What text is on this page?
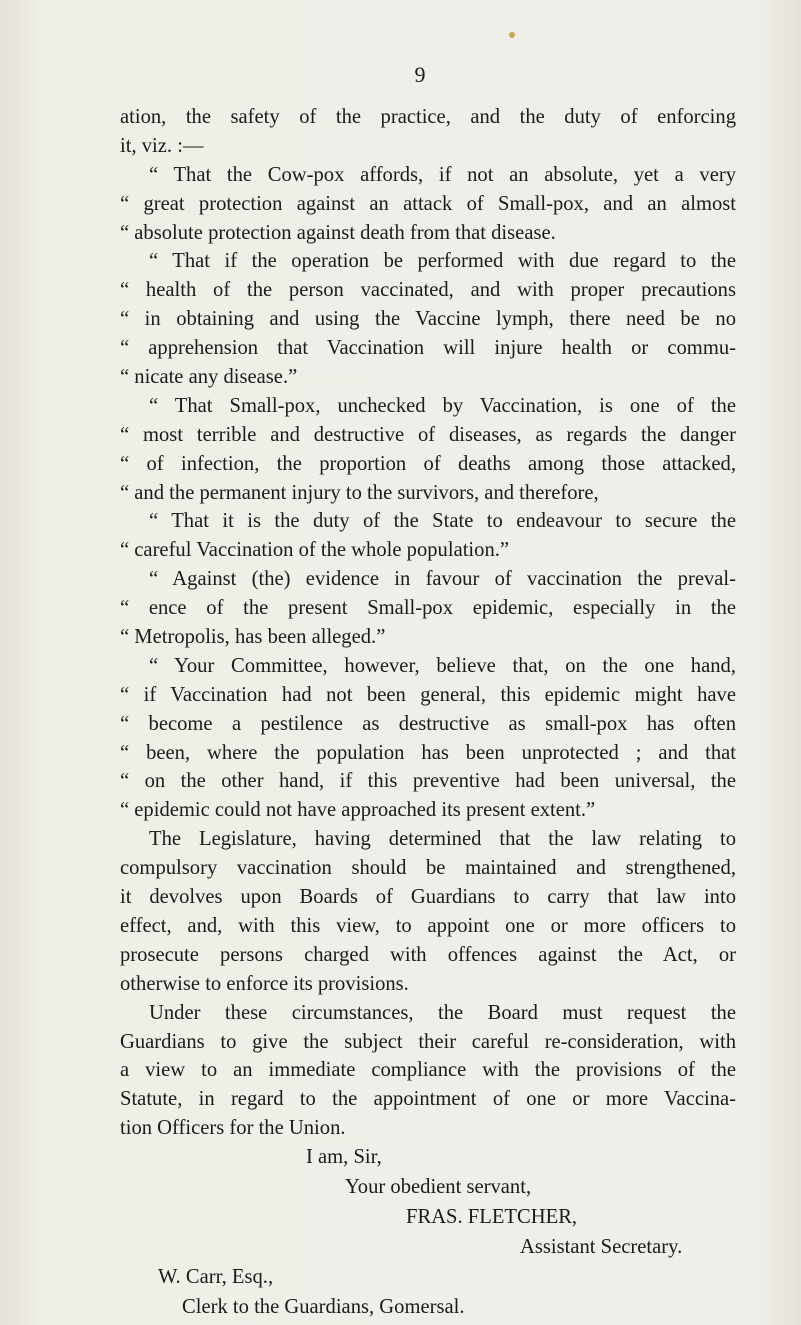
9
ation, the safety of the practice, and the duty of enforcing
it, viz. :—
“ That the Cow-pox affords, if not an absolute, yet a very
“ great protection against an attack of Small-pox, and an almost
“ absolute protection against death from that disease.
“ That if the operation be performed with due regard to the
“ health of the person vaccinated, and with proper precautions
“ in obtaining and using the Vaccine lymph, there need be no
“ apprehension that Vaccination will injure health or commu-
“ nicate any disease.”
“ That Small-pox, unchecked by Vaccination, is one of the
“ most terrible and destructive of diseases, as regards the danger
“ of infection, the proportion of deaths among those attacked,
“ and the permanent injury to the survivors, and therefore,
“ That it is the duty of the State to endeavour to secure the
“ careful Vaccination of the whole population.”
“ Against (the) evidence in favour of vaccination the preval-
“ ence of the present Small-pox epidemic, especially in the
“ Metropolis, has been alleged.”
“ Your Committee, however, believe that, on the one hand,
“ if Vaccination had not been general, this epidemic might have
“ become a pestilence as destructive as small-pox has often
“ been, where the population has been unprotected ; and that
“ on the other hand, if this preventive had been universal, the
“ epidemic could not have approached its present extent.”
The Legislature, having determined that the law relating to
compulsory vaccination should be maintained and strengthened,
it devolves upon Boards of Guardians to carry that law into
effect, and, with this view, to appoint one or more officers to
prosecute persons charged with offences against the Act, or
otherwise to enforce its provisions.
Under these circumstances, the Board must request the
Guardians to give the subject their careful re-consideration, with
a view to an immediate compliance with the provisions of the
Statute, in regard to the appointment of one or more Vaccina-
tion Officers for the Union.
I am, Sir,
Your obedient servant,
FRAS. FLETCHER,
Assistant Secretary.
W. Carr, Esq.,
Clerk to the Guardians, Gomersal.
